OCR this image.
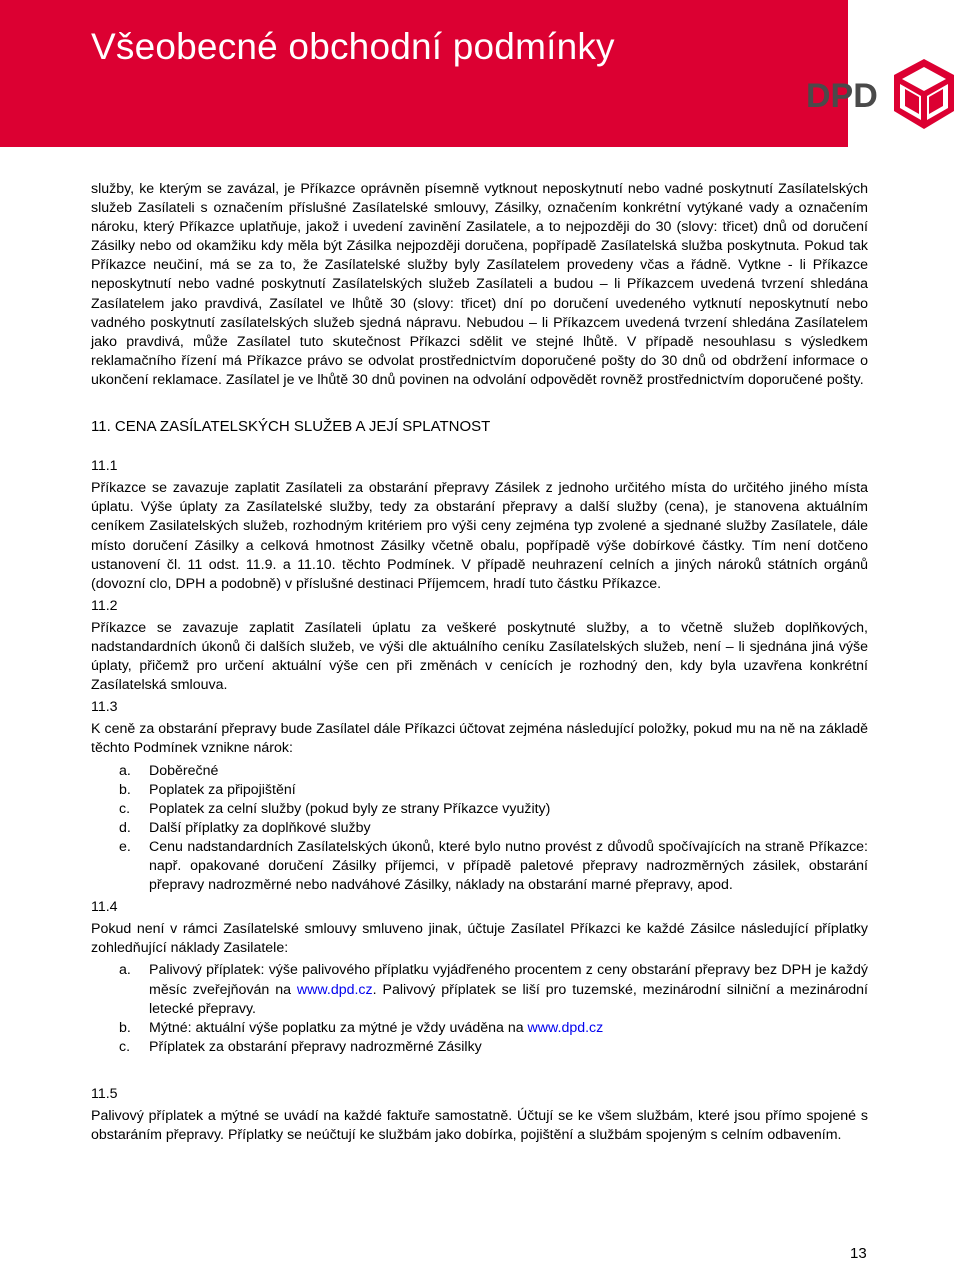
Všeobecné obchodní podmínky
DPD

služby, ke kterým se zavázal, je Příkazce oprávněn písemně vytknout neposkytnutí nebo vadné poskytnutí Zasílatelských služeb Zasílateli s označením příslušné Zasílatelské smlouvy, Zásilky, označením konkrétní vytýkané vady a označením nároku, který Příkazce uplatňuje, jakož i uvedení zavinění Zasilatele, a to nejpozději do 30 (slovy: třicet) dnů od doručení Zásilky nebo od okamžiku kdy měla být Zásilka nejpozději doručena, popřípadě Zasílatelská služba poskytnuta. Pokud tak Příkazce neučiní, má se za to, že Zasílatelské služby byly Zasílatelem provedeny včas a řádně. Vytkne - li Příkazce neposkytnutí nebo vadné poskytnutí Zasílatelských služeb Zasílateli a budou – li Příkazcem uvedená tvrzení shledána Zasílatelem jako pravdivá, Zasílatel ve lhůtě 30 (slovy: třicet) dní po doručení uvedeného vytknutí neposkytnutí nebo vadného poskytnutí zasílatelských služeb sjedná nápravu. Nebudou – li Příkazcem uvedená tvrzení shledána Zasílatelem jako pravdivá, může Zasílatel tuto skutečnost Příkazci sdělit ve stejné lhůtě. V případě nesouhlasu s výsledkem reklamačního řízení má Příkazce právo se odvolat prostřednictvím doporučené pošty do 30 dnů od obdržení informace o ukončení reklamace. Zasílatel je ve lhůtě 30 dnů povinen na odvolání odpovědět rovněž prostřednictvím doporučené pošty.

11. CENA ZASÍLATELSKÝCH SLUŽEB A JEJÍ SPLATNOST
11.1

Příkazce se zavazuje zaplatit Zasílateli za obstarání přepravy Zásilek z jednoho určitého místa do určitého jiného místa úplatu. Výše úplaty za Zasílatelské služby, tedy za obstarání přepravy a další služby (cena), je stanovena aktuálním ceníkem Zasilatelských služeb, rozhodným kritériem pro výši ceny zejména typ zvolené a sjednané služby Zasílatele, dále místo doručení Zásilky a celková hmotnost Zásilky včetně obalu, popřípadě výše dobírkové částky. Tím není dotčeno ustanovení čl. 11 odst. 11.9. a 11.10. těchto Podmínek. V případě neuhrazení celních a jiných nároků státních orgánů (dovozní clo, DPH a podobně) v příslušné destinaci Příjemcem, hradí tuto částku Příkazce.

11.2

Příkazce se zavazuje zaplatit Zasílateli úplatu za veškeré poskytnuté služby, a to včetně služeb doplňkových, nadstandardních úkonů či dalších služeb, ve výši dle aktuálního ceníku Zasílatelských služeb, není – li sjednána jiná výše úplaty, přičemž pro určení aktuální výše cen při změnách v cenících je rozhodný den, kdy byla uzavřena konkrétní Zasílatelská smlouva.

11.3

K ceně za obstarání přepravy bude Zasílatel dále Příkazci účtovat zejména následující položky, pokud mu na ně na základě těchto Podmínek vznikne nárok:

a. Doběrečné
b. Poplatek za připojištění
c. Poplatek za celní služby (pokud byly ze strany Příkazce využity)
d. Další příplatky za doplňkové služby
e. Cenu nadstandardních Zasílatelských úkonů, které bylo nutno provést z důvodů spočívajících na straně Příkazce: např. opakované doručení Zásilky příjemci, v případě paletové přepravy nadrozměrných zásilek, obstarání přepravy nadrozměrné nebo nadváhové Zásilky, náklady na obstarání marné přepravy, apod.
11.4

Pokud není v rámci Zasílatelské smlouvy smluveno jinak, účtuje Zasílatel Příkazci ke každé Zásilce následující příplatky zohledňující náklady Zasilatele:

a. Palivový příplatek: výše palivového příplatku vyjádřeného procentem z ceny obstarání přepravy bez DPH je každý měsíc zveřejňován na www.dpd.cz. Palivový příplatek se liší pro tuzemské, mezinárodní silniční a mezinárodní letecké přepravy.
b. Mýtné: aktuální výše poplatku za mýtné je vždy uváděna na www.dpd.cz
c. Příplatek za obstarání přepravy nadrozměrné Zásilky
11.5

Palivový příplatek a mýtné se uvádí na každé faktuře samostatně. Účtují se ke všem službám, které jsou přímo spojené s obstaráním přepravy. Příplatky se neúčtují ke službám jako dobírka, pojištění a službám spojeným s celním odbavením.

13
